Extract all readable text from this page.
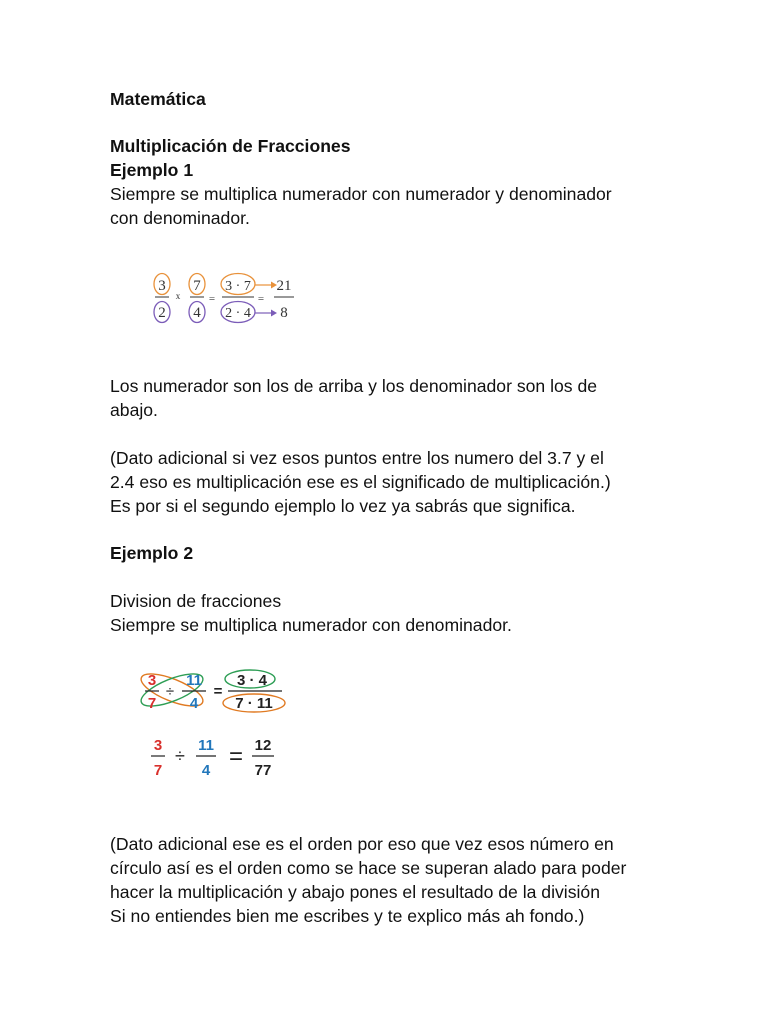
Matemática
Multiplicación de Fracciones
Ejemplo 1
Siempre se multiplica numerador con numerador y denominador
con denominador.
3
2
x
7
4
=
3 · 7
2 · 4
=
21
8
Los numerador son los de arriba y los denominador son los de
abajo.
(Dato adicional si vez esos puntos entre los numero del 3.7 y el
2.4 eso es multiplicación ese es el significado de multiplicación.)
Es por si el segundo ejemplo lo vez ya sabrás que significa.
Ejemplo 2
Division de fracciones
Siempre se multiplica numerador con denominador.
3
7
÷
11
4
=
3 · 4
7 · 11
3
7
÷
11
4
= 12
77
(Dato adicional ese es el orden por eso que vez esos número en
círculo así es el orden como se hace se superan alado para poder
hacer la multiplicación y abajo pones el resultado de la división
Si no entiendes bien me escribes y te explico más ah fondo.)
